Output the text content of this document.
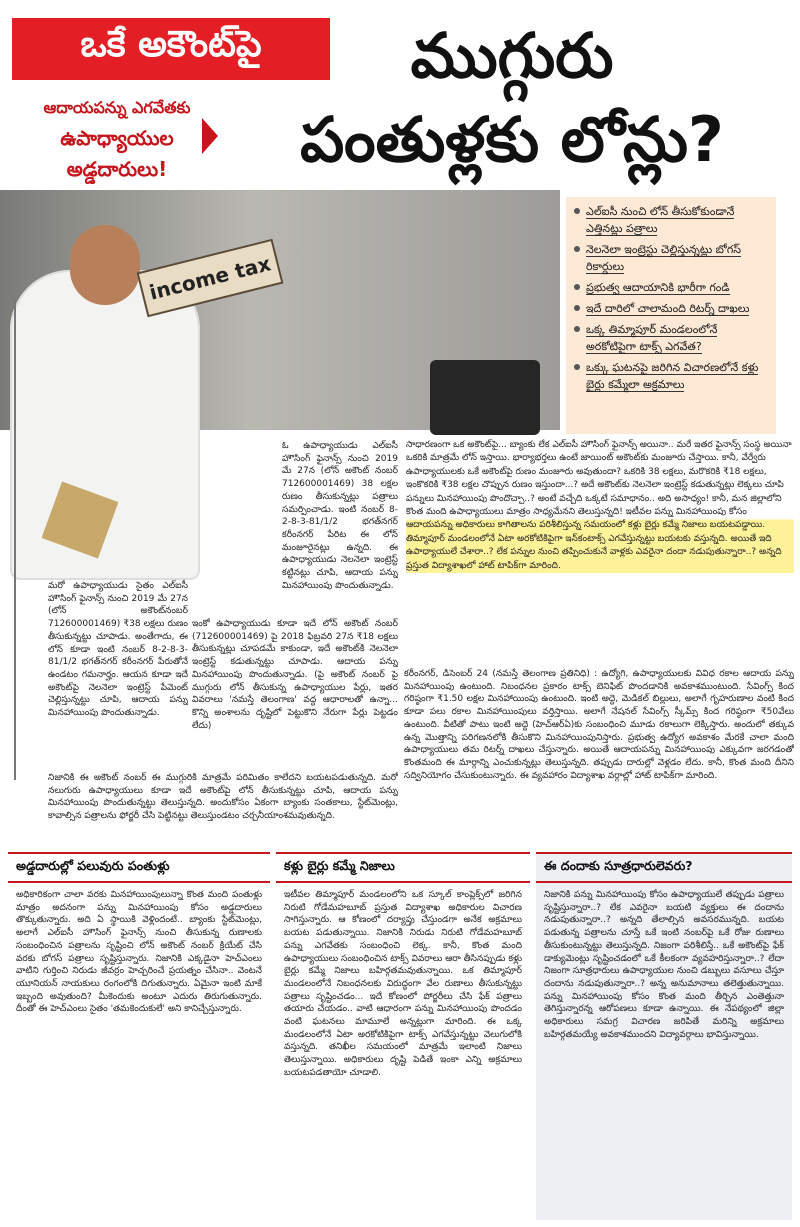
ఒకే అకౌంట్‌పై
ఆదాయపన్ను ఎగవేతకు
ఉపాధ్యాయుల
అడ్డదారులు!
ముగ్గురు
పంతుళ్లకు లోన్లు?
income tax
ఎల్ఐసీ నుంచి లోన్ తీసుకోకుండానే ఎత్తినట్లు పత్రాలు
నెలనెలా ఇంట్రెస్టు చెల్లిస్తున్నట్లు బోగస్ రికార్డులు
ప్రభుత్వ ఆదాయానికి భారీగా గండి
ఇదే దారిలో చాలామంది రిటర్న్ దాఖలు
ఒక్క తిమ్మాపూర్ మండలంలోనే అరకోటిపైగా టాక్స్ ఎగవేత?
ఒక్కు ఘటనపై జరిగిన విచారణలోనే కళ్లు బైర్లు కమ్మేలా అక్రమాలు
ఓ ఉపాధ్యాయుడు ఎల్ఐసీ హౌసింగ్ ఫైనాన్స్ నుంచి 2019 మే 27న (లోన్ అకౌంట్ నంబర్ 712600001469) 38 లక్షల రుణం తీసుకున్నట్లు పత్రాలు సమర్పించాడు. ఇంటి నంబర్ 8-2-8-3-81/1/2 భగత్‌నగర్ కరీంనగర్ పేరిట ఈ లోన్ మంజూరైనట్లు ఉన్నది. ఈ ఉపాధ్యాయుడు నెలనెలా ఇంట్రెస్ట్ కట్టినట్లు చూపి, ఆదాయ పన్ను మినహాయింపు పొందుతున్నాడు.
మరో ఉపాధ్యాయుడు సైతం ఎల్ఐసీ హౌసింగ్ ఫైనాన్స్ నుంచి 2019 మే 27న (లోన్ అకౌంట్‌నంబర్ 712600001469) ₹38 లక్షలు రుణం తీసుకున్నట్టు చూపాడు. అంతేగాదు, ఈ లోన్ కూడా ఇంటి నంబర్ 8-2-8-3-81/1/2 భగత్‌నగర్ కరీంనగర్ పేరుతోనే ఉండటం గమనార్హం. ఆయన కూడా ఇదే అకౌంట్‌పై నెలనెలా ఇంట్రెస్ట్ పేమెంట్ చెల్లిస్తున్నట్టు చూపి, ఆదాయ పన్ను మినహాయింపు పొందుతున్నాడు.
ఇంకో ఉపాధ్యాయుడు కూడా ఇదే లోన్ అకౌంట్ నంబర్ (712600001469) పై 2018 ఫిబ్రవరి 27న ₹18 లక్షలు తీసుకున్నట్లు చూపడమే కాకుండా, ఇదే అకౌంట్‌కి నెలనెలా ఇంట్రెస్ట్ కడుతున్నట్టు చూపాడు. ఆదాయ పన్ను మినహాయింపు పొందుతున్నాడు. (పై అకౌంట్ నంబర్ పై ముగ్గురు లోన్ తీసుకున్న ఉపాధ్యాయుల పేర్లు, ఇతర వివరాలు 'నమస్తే తెలంగాణ' వద్ద ఆధారాలతో ఉన్నా... కొన్ని అంశాలను దృష్టిలో పెట్టుకొని నేరుగా పేర్లు పెట్టడం లేదు)
నిజానికి ఈ అకౌంట్ నంబర్ ఈ ముగ్గురికి మాత్రమే పరిమితం కాలేదని బయటపడుతున్నది. మరో నలుగురు ఉపాధ్యాయులు కూడా ఇదే అకౌంట్‌పై లోన్ తీసుకున్నట్టు చూపి, ఆదాయ పన్ను మినహాయింపు పొందుతున్నట్టు తెలుస్తున్నది. అందుకోసం ఏకంగా బ్యాంకు సంతకాలు, స్టేట్‌మెంట్లు, కావాల్సిన పత్రాలను ఫోర్జరీ చేసి పెట్టినట్టు తెలుస్తుండటం చర్చనీయాంశమవుతున్నది.

సాధారణంగా ఒక అకౌంట్‌పై... బ్యాంకు లేక ఎల్ఐసీ హౌసింగ్ ఫైనాన్స్ అయినా.. మరే ఇతర ఫైనాన్స్ సంస్థ అయినా ఒకరికి మాత్రమే లోన్ ఇస్తాయి. భార్యాభర్తలు ఉంటే జాయింట్ అకౌంట్‌కు మంజూరు చేస్తాయి. కానీ, వేర్వేరు ఉపాధ్యాయులకు ఒకే అకౌంట్‌పై రుణం మంజూరు అవుతుందా? ఒకరికి 38 లక్షలు, మరొకరికి ₹18 లక్షలు, ఇంకొకరికి ₹38 లక్షల చొప్పున రుణం ఇస్తుందా...? అదే అకౌంట్‌కు నెలనెలా ఇంట్రెస్ట్ కడుతున్నట్లు లెక్కలు చూపి పన్నులు మినహాయింపు పొందొచ్చా..? అంటే వచ్చేది ఒక్కటే సమాధానం.. అది అసాధ్యం! కానీ, మన జిల్లాలోని కొంత మంది ఉపాధ్యాయులు మాత్రం సాధ్యమేనని తెలుస్తున్నది! ఇటీవల పన్ను మినహాయింపు కోసం ఆదాయపన్ను అధికారులు కాగితాలను పరిశీలిస్తున్న సమయంలో కళ్లు బైర్లు కమ్మే నిజాలు బయటపడ్డాయి. తిమ్మాపూర్ మండలంలోనే ఏటా అరకోటికిపైగా ఇన్‌కంటాక్స్ ఎగవేస్తున్నట్టు బయటకు వస్తున్నది. అయితే ఇది ఉపాధ్యాయులే చేశారా..? లేక పన్నుల నుంచి తప్పించుకునే వాళ్లకు ఎవరైనా దందా నడుపుతున్నారా..? అన్నది ప్రస్తుత విద్యాశాఖలో హాట్ టాపిక్‌గా మారింది.

కరీంనగర్, డిసెంబర్ 24 (నమస్తే తెలంగాణ ప్రతినిధి) : ఉద్యోగి, ఉపాధ్యాయులకు వివిధ రకాల ఆదాయ పన్ను మినహాయింపు ఉంటుంది. నిబంధనల ప్రకారం టాక్స్ బెనిఫిట్ పొందడానికి అవకాశముంటుంది. సేవింగ్స్ కింద గరిష్ఠంగా ₹1.50 లక్షల మినహాయింపు ఉంటుంది. ఇంటి అద్దె, మెడికల్ బిల్లులు, అలాగే గృహరుణాల వంటి కింద కూడా పలు రకాల మినహాయింపులు వర్తిస్తాయి. అలాగే నేషనల్ సేవింగ్స్ స్కీమ్స్ కింద గరిష్ఠంగా ₹50వేలు ఉంటుంది. వీటితో పాటు ఇంటి అద్దె (హెచ్ఆర్ఏ)కు సంబంధించి మూడు రకాలుగా లెక్కిస్తారు. అందులో తక్కువ ఉన్న మొత్తాన్ని పరిగణనలోకి తీసుకొని మినహాయింపునిస్తారు. ప్రభుత్వ ఉద్యోగ అవకాశం మేరకే చాలా మంది ఉపాధ్యాయులు తమ రిటర్న్ దాఖలు చేస్తున్నారు. అయితే ఆదాయపన్ను మినహాయింపు ఎక్కువగా జరగడంతో కొంతమంది ఈ మార్గాన్ని ఎంచుకున్నట్లు తెలుస్తున్నది. తప్పుడు దారుల్లో వెళ్లడం లేదు. కానీ, కొంత మంది దీనిని సద్వినియోగం చేసుకుంటున్నారు. ఈ వ్యవహారం విద్యాశాఖ వర్గాల్లో హాట్ టాపిక్‌గా మారింది.
అడ్డదారుల్లో పలువురు పంతుళ్లు
అధికారికంగా చాలా వరకు మినహాయింపులున్నా కొంత మంది పంతుళ్లు మాత్రం అదనంగా పన్ను మినహాయింపు కోసం అడ్డదారులు తొక్కుతున్నారు. అది ఏ స్థాయికి వెళ్లిందంటే.. బ్యాంకు స్టేట్‌మెంట్లు, అలాగే ఎల్ఐసీ హౌసింగ్ ఫైనాన్స్ నుంచి తీసుకున్న రుణాలకు సంబంధించిన పత్రాలను సృష్టించి లోన్ అకౌంట్ నంబర్ క్రియేట్ చేసి వరకు బోగస్ పత్రాలు సృష్టిస్తున్నారు. నిజానికి ఎక్కడైనా హెచ్ఎంలు వాటిని గుర్తించి నిరుడు జీవర్రం హెచ్చరించే ప్రయత్నం చేసినా.. వెంటనే యూనియన్ నాయకులు రంగంలోకి దిగుతున్నారు. ఏమైనా ఇంటి మాకే ఇబ్బంది అవుతుంది? మీకెందుకు అంటూ ఎదురు తిరుగుతున్నారు. దీంతో ఈ హెచ్ఎంలు సైతం 'తమకెందుకులే' అని కానిచ్చేస్తున్నారు.
కళ్లు బైర్లు కమ్మే నిజాలు
ఇటీవల తిమ్మాపూర్ మండలంలోని ఒక స్కూల్ కాంప్లెక్స్‌లో జరిగిన నిరుటి గోడేమహబూబ్ ప్రస్తుత విద్యాశాఖ అధికారుల విచారణ సాగిస్తున్నారు. ఆ కోణంలో దర్యాప్తు చేస్తుండగా అనేక అక్రమాలు బయట పడుతున్నాయి. నిజానికి నిరుడు నిరుటి గోడేమహబూబ్ పన్ను ఎగవేతకు సంబంధించి లెక్క. కానీ, కొంత మంది ఉపాధ్యాయులు సంబంధించిన టాక్స్ వివరాలు ఆరా తీసినప్పుడు కళ్లు బైర్లు కమ్మే నిజాలు బహిర్గతమవుతున్నాయి. ఒక తిమ్మాపూర్ మండలంలోనే నిబంధనలకు విరుద్ధంగా వేల రుణాలు తీసుకున్నట్టు పత్రాలు సృష్టించడం... ఇదే కోణంలో పోర్జరీలు చేసి ఫేక్ పత్రాలు తయారు చేయడం.. వాటి ఆధారంగా పన్ను మినహాయింపు పొందడం వంటి ఘటనలు మామూలే అన్నట్లుగా మారింది. ఈ ఒక్క మండలంలోనే ఏటా అరకోటికిపైగా టాక్స్ ఎగవేస్తున్నట్టు వెలుగులోకి వస్తున్నది. తనిఖీల సమయంలో మాత్రమే ఇలాంటి నిజాలు తెలుస్తున్నాయి. అధికారులు దృష్టి పెడితే ఇంకా ఎన్ని అక్రమాలు బయటపడతాయో చూడాలి.
ఈ దందాకు సూత్రధారులెవరు?
నిజానికి పన్ను మినహాయింపు కోసం ఉపాధ్యాయులే తప్పుడు పత్రాలు సృష్టిస్తున్నారా..? లేక ఎవరైనా బయటి వ్యక్తులు ఈ దందాను నడుపుతున్నారా..? అన్నది తేలాల్సిన అవసరమున్నది. బయట పడుతున్న పత్రాలను చూస్తే ఒకే ఇంటి నంబర్‌పై ఒకే రోజు రుణాలు తీసుకుంటున్నట్టు తెలుస్తున్నది. నిజంగా పరిశీలిస్తే.. ఒకే అకౌంట్‌పై ఫేక్ డాక్యుమెంట్లు సృష్టించడంలో ఒకే కీలకంగా వ్యవహరిస్తున్నారా..? లేదా నిజంగా సూత్రధారులు ఉపాధ్యాయుల నుంచి డబ్బులు వసూలు చేస్తూ దందాను నడుపుతున్నారా..? అన్న అనుమానాలు తలెత్తుతున్నాయి. పన్ను మినహాయింపు కోసం కొంత మంది తీర్చిన ఎంతెత్తునా తెగిస్తున్నారన్న ఆరోపణలు కూడా ఉన్నాయి. ఈ నేపథ్యంలో జిల్లా అధికారులు సమగ్ర విచారణ జరిపితే మరిన్ని అక్రమాలు బహిర్గతమయ్యే అవకాశముందని విద్యావర్గాలు భావిస్తున్నాయి.
